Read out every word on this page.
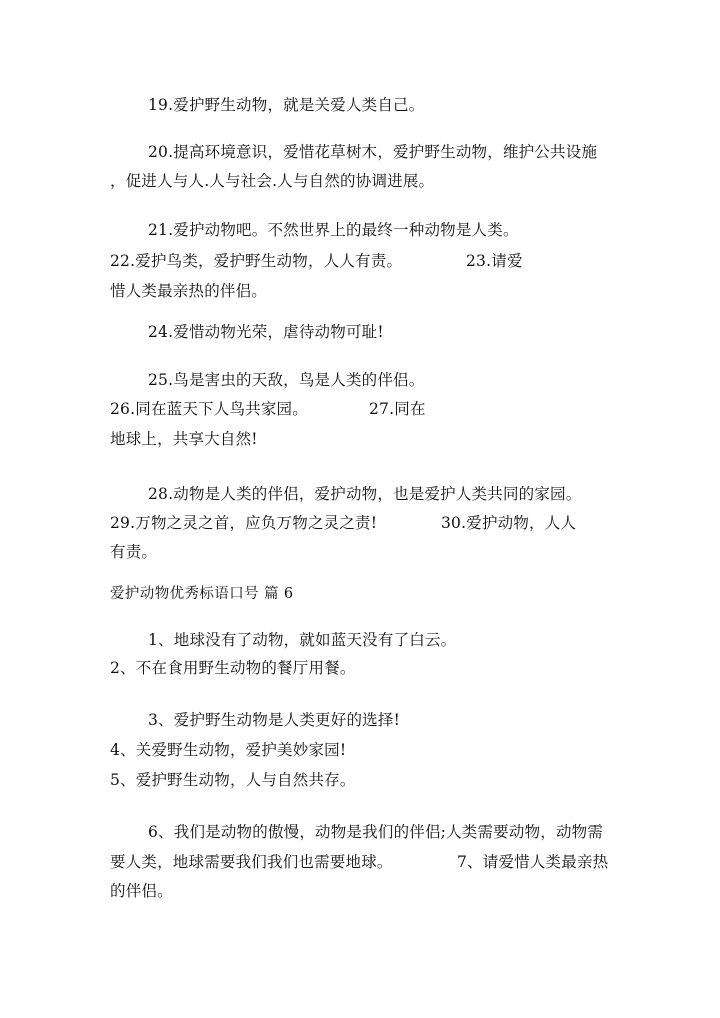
19.爱护野生动物，就是关爱人类自己。
20.提高环境意识，爱惜花草树木，爱护野生动物，维护公共设施
，促进人与人.人与社会.人与自然的协调进展。
21.爱护动物吧。不然世界上的最终一种动物是人类。
22.爱护鸟类，爱护野生动物，人人有责。	23.请爱
惜人类最亲热的伴侣。
24.爱惜动物光荣，虐待动物可耻!
25.鸟是害虫的天敌，鸟是人类的伴侣。
26.同在蓝天下人鸟共家园。	27.同在
地球上，共享大自然!
28.动物是人类的伴侣，爱护动物，也是爱护人类共同的家园。
29.万物之灵之首，应负万物之灵之责!	30.爱护动物，人人
有责。
爱护动物优秀标语口号 篇 6
1、地球没有了动物，就如蓝天没有了白云。
2、不在食用野生动物的餐厅用餐。
3、爱护野生动物是人类更好的选择!
4、关爱野生动物，爱护美妙家园!
5、爱护野生动物，人与自然共存。
6、我们是动物的傲慢，动物是我们的伴侣;人类需要动物，动物需
要人类，地球需要我们我们也需要地球。	7、请爱惜人类最亲热
的伴侣。
